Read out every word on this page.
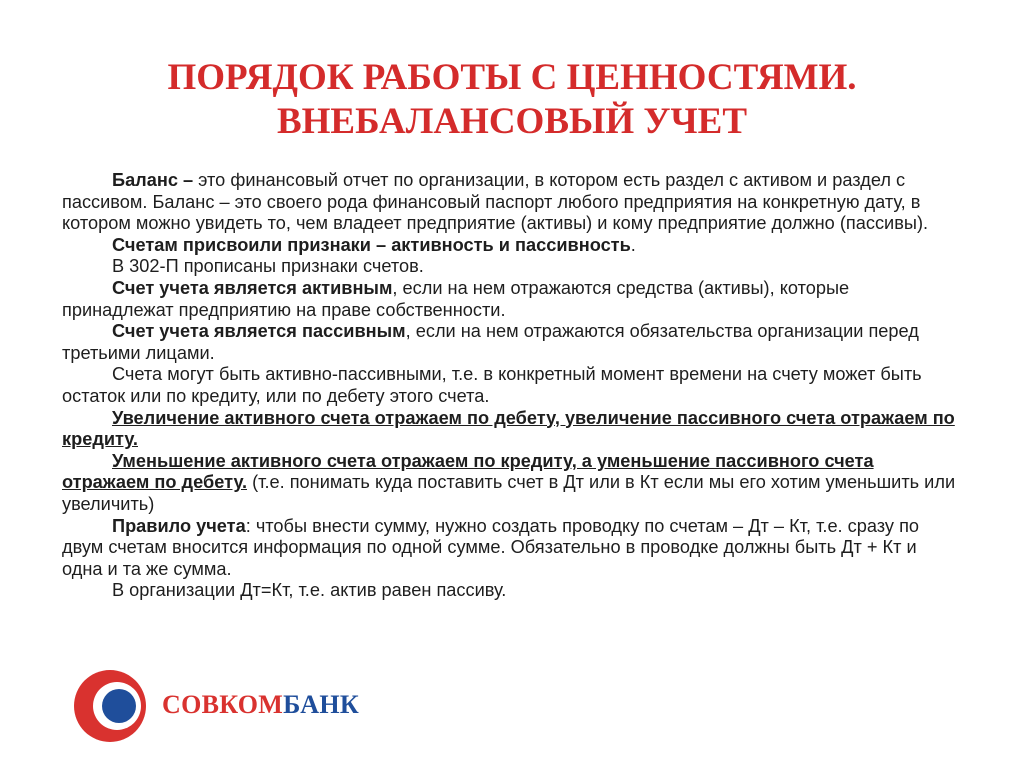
ПОРЯДОК РАБОТЫ С ЦЕННОСТЯМИ.
ВНЕБАЛАНСОВЫЙ УЧЕТ

Баланс – это финансовый отчет по организации, в котором есть раздел с активом и раздел с пассивом. Баланс – это своего рода финансовый паспорт любого предприятия на конкретную дату, в котором можно увидеть то, чем владеет предприятие (активы) и кому предприятие должно (пассивы).

Счетам присвоили признаки – активность и пассивность.

В 302-П прописаны признаки счетов.

Счет учета является активным, если на нем отражаются средства (активы), которые принадлежат предприятию на праве собственности.

Счет учета является пассивным, если на нем отражаются обязательства организации перед третьими лицами.

Счета могут быть активно-пассивными, т.е. в конкретный момент времени на счету может быть остаток или по кредиту, или по дебету этого счета.

Увеличение активного счета отражаем по дебету, увеличение пассивного счета отражаем по кредиту.

Уменьшение активного счета отражаем по кредиту, а уменьшение пассивного счета отражаем по дебету. (т.е. понимать куда поставить счет в Дт или в Кт если мы его хотим уменьшить или увеличить)

Правило учета: чтобы внести сумму, нужно создать проводку по счетам – Дт – Кт, т.е. сразу по двум счетам вносится информация по одной сумме. Обязательно в проводке должны быть Дт + Кт и одна и та же сумма.

В организации Дт=Кт, т.е. актив равен пассиву.

СОВКОМБАНК
